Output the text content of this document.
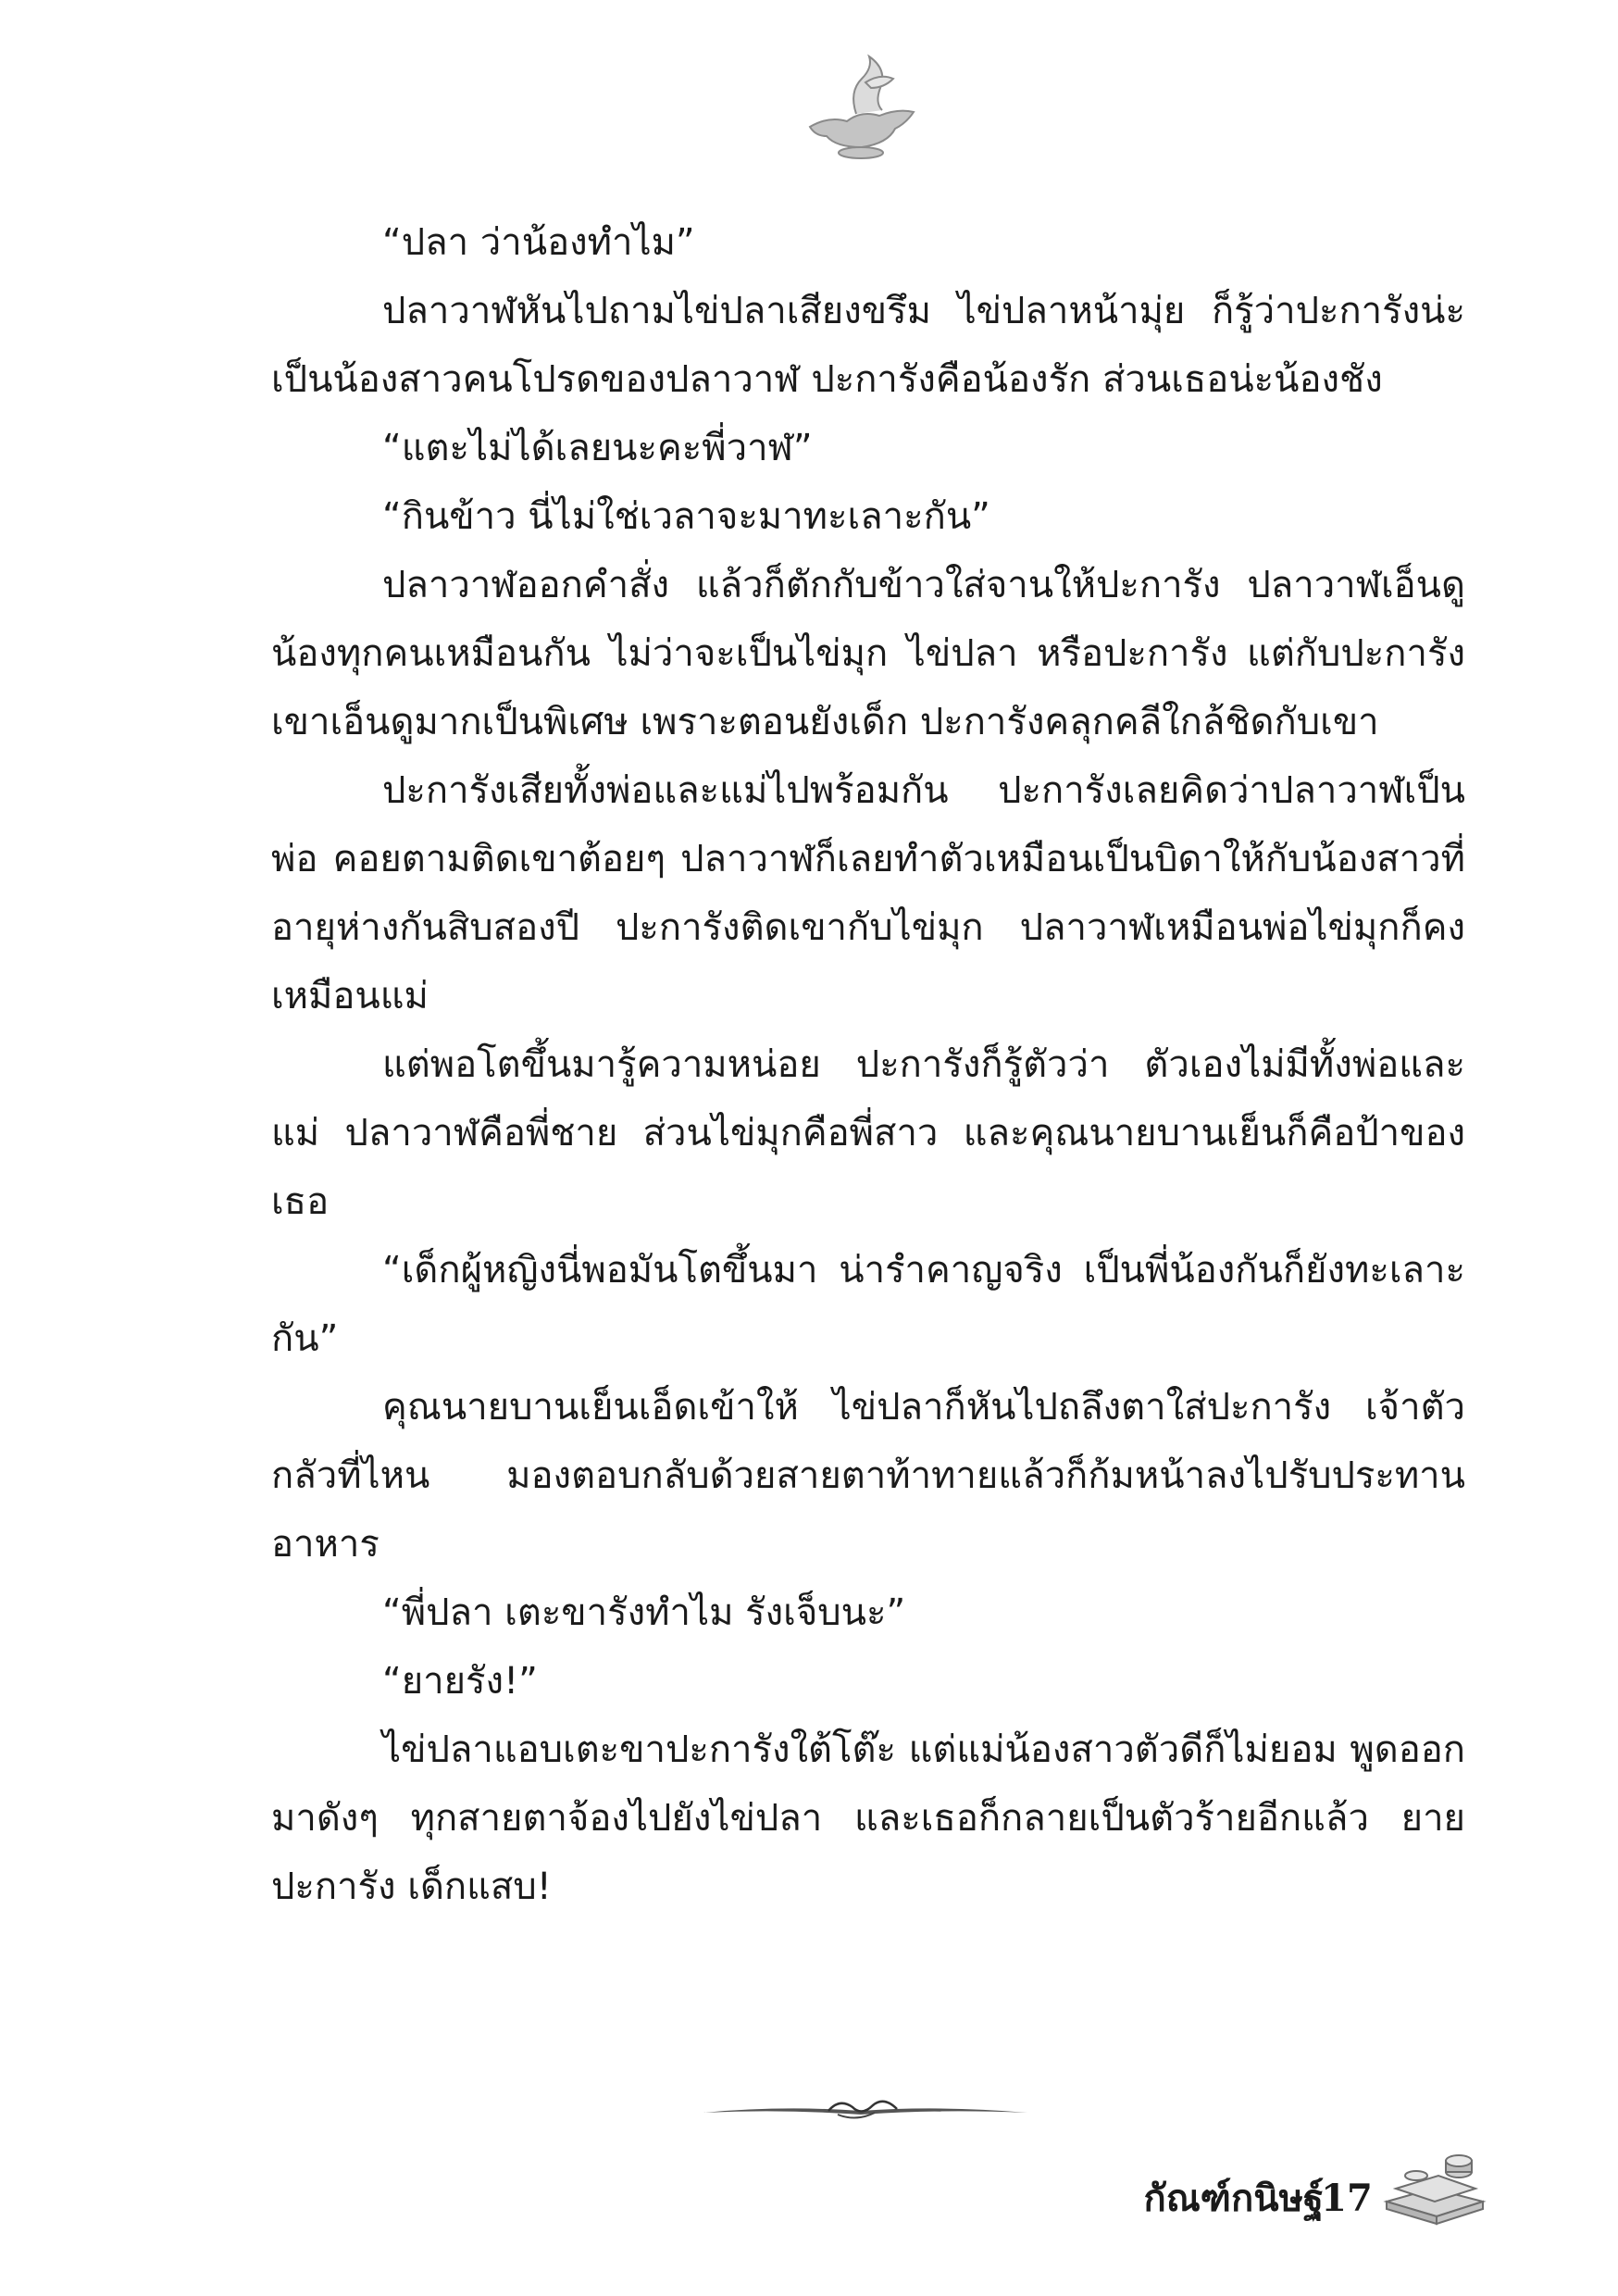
“ปลา ว่าน้องทำไม”

ปลาวาฬหันไปถามไข่ปลาเสียงขรึม ไข่ปลาหน้ามุ่ย ก็รู้ว่าปะการังน่ะเป็นน้องสาวคนโปรดของปลาวาฬ ปะการังคือน้องรัก ส่วนเธอน่ะน้องชัง

“แตะไม่ได้เลยนะคะพี่วาฬ”

“กินข้าว นี่ไม่ใช่เวลาจะมาทะเลาะกัน”

ปลาวาฬออกคำสั่ง แล้วก็ตักกับข้าวใส่จานให้ปะการัง ปลาวาฬเอ็นดูน้องทุกคนเหมือนกัน ไม่ว่าจะเป็นไข่มุก ไข่ปลา หรือปะการัง แต่กับปะการัง เขาเอ็นดูมากเป็นพิเศษ เพราะตอนยังเด็ก ปะการังคลุกคลีใกล้ชิดกับเขา

ปะการังเสียทั้งพ่อและแม่ไปพร้อมกัน ปะการังเลยคิดว่าปลาวาฬเป็นพ่อ คอยตามติดเขาต้อยๆ ปลาวาฬก็เลยทำตัวเหมือนเป็นบิดาให้กับน้องสาวที่อายุห่างกันสิบสองปี ปะการังติดเขากับไข่มุก ปลาวาฬเหมือนพ่อไข่มุกก็คงเหมือนแม่

แต่พอโตขึ้นมารู้ความหน่อย ปะการังก็รู้ตัวว่า ตัวเองไม่มีทั้งพ่อและแม่ ปลาวาฬคือพี่ชาย ส่วนไข่มุกคือพี่สาว และคุณนายบานเย็นก็คือป้าของเธอ

“เด็กผู้หญิงนี่พอมันโตขึ้นมา น่ารำคาญจริง เป็นพี่น้องกันก็ยังทะเลาะกัน”

คุณนายบานเย็นเอ็ดเข้าให้ ไข่ปลาก็หันไปถลึงตาใส่ปะการัง เจ้าตัวกลัวที่ไหน มองตอบกลับด้วยสายตาท้าทายแล้วก็ก้มหน้าลงไปรับประทานอาหาร

“พี่ปลา เตะขารังทำไม รังเจ็บนะ”

“ยายรัง!”

ไข่ปลาแอบเตะขาปะการังใต้โต๊ะ แต่แม่น้องสาวตัวดีก็ไม่ยอม พูดออกมาดังๆ ทุกสายตาจ้องไปยังไข่ปลา และเธอก็กลายเป็นตัวร้ายอีกแล้ว ยายปะการัง เด็กแสบ!

กัณฑ์กนิษฐ์
17
